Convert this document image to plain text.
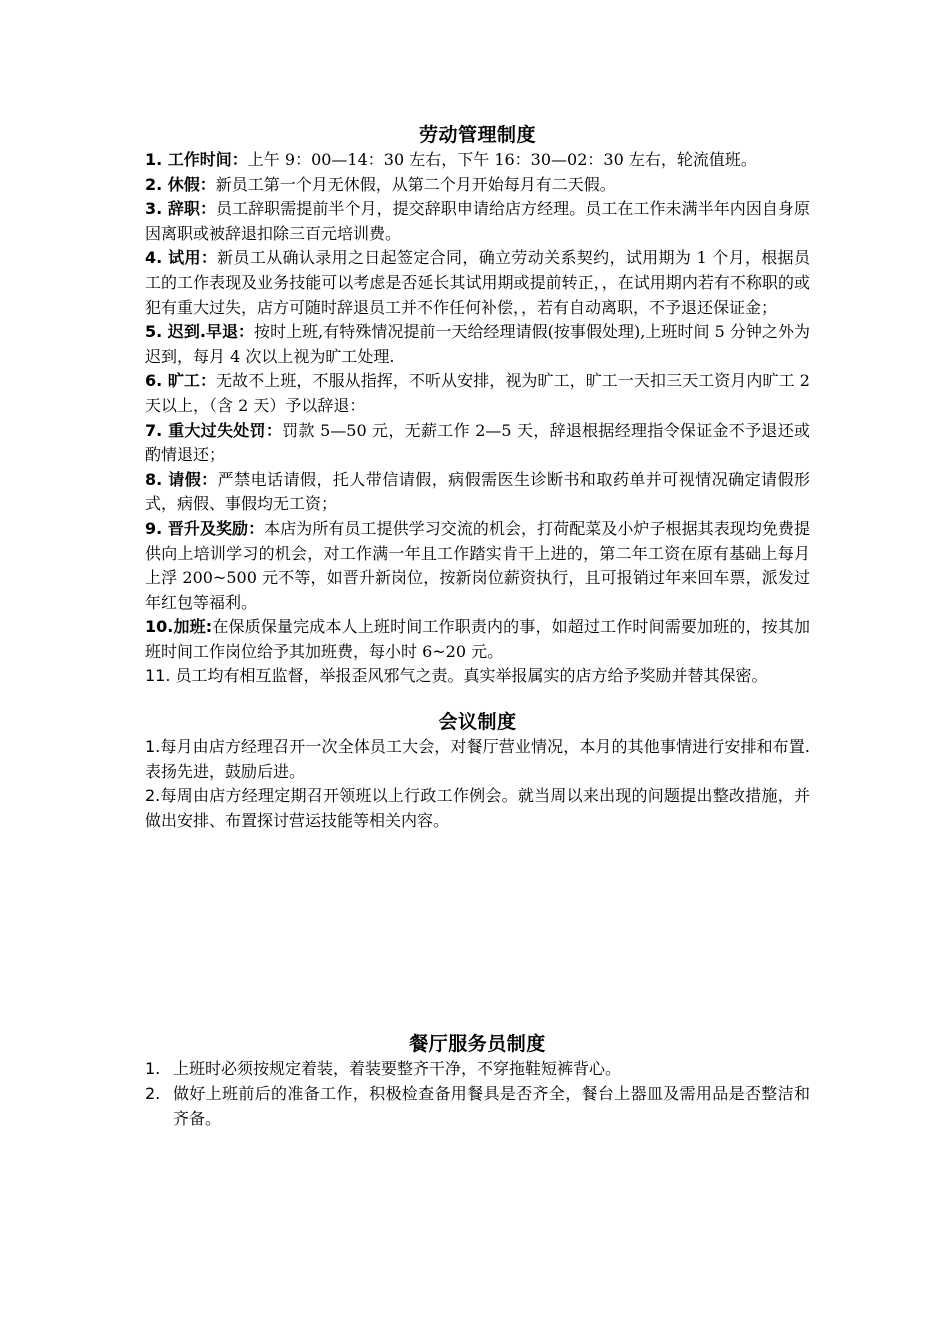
劳动管理制度

1. 工作时间：上午 9：00—14：30 左右，下午 16：30—02：30 左右，轮流值班。

2. 休假：新员工第一个月无休假，从第二个月开始每月有二天假。

3. 辞职：员工辞职需提前半个月，提交辞职申请给店方经理。员工在工作未满半年内因自身原因离职或被辞退扣除三百元培训费。

4. 试用：新员工从确认录用之日起签定合同，确立劳动关系契约，试用期为 1 个月，根据员工的工作表现及业务技能可以考虑是否延长其试用期或提前转正，，在试用期内若有不称职的或犯有重大过失，店方可随时辞退员工并不作任何补偿，，若有自动离职，不予退还保证金；

5. 迟到.早退：按时上班,有特殊情况提前一天给经理请假(按事假处理),上班时间 5 分钟之外为迟到，每月 4 次以上视为旷工处理.

6. 旷工：无故不上班，不服从指挥，不听从安排，视为旷工，旷工一天扣三天工资月内旷工 2 天以上，（含 2 天）予以辞退：

7. 重大过失处罚：罚款 5—50 元，无薪工作 2—5 天，辞退根据经理指令保证金不予退还或酌情退还；

8. 请假：严禁电话请假，托人带信请假，病假需医生诊断书和取药单并可视情况确定请假形式，病假、事假均无工资；

9. 晋升及奖励：本店为所有员工提供学习交流的机会，打荷配菜及小炉子根据其表现均免费提供向上培训学习的机会，对工作满一年且工作踏实肯干上进的，第二年工资在原有基础上每月上浮 200~500 元不等，如晋升新岗位，按新岗位薪资执行，且可报销过年来回车票，派发过年红包等福利。

10.加班:在保质保量完成本人上班时间工作职责内的事，如超过工作时间需要加班的，按其加班时间工作岗位给予其加班费，每小时 6~20 元。

11. 员工均有相互监督，举报歪风邪气之责。真实举报属实的店方给予奖励并替其保密。

会议制度

1.每月由店方经理召开一次全体员工大会，对餐厅营业情况，本月的其他事情进行安排和布置.表扬先进，鼓励后进。

2.每周由店方经理定期召开领班以上行政工作例会。就当周以来出现的问题提出整改措施，并做出安排、布置探讨营运技能等相关内容。

餐厅服务员制度
1. 上班时必须按规定着装，着装要整齐干净，不穿拖鞋短裤背心。
2. 做好上班前后的准备工作，积极检查备用餐具是否齐全，餐台上器皿及需用品是否整洁和齐备。
